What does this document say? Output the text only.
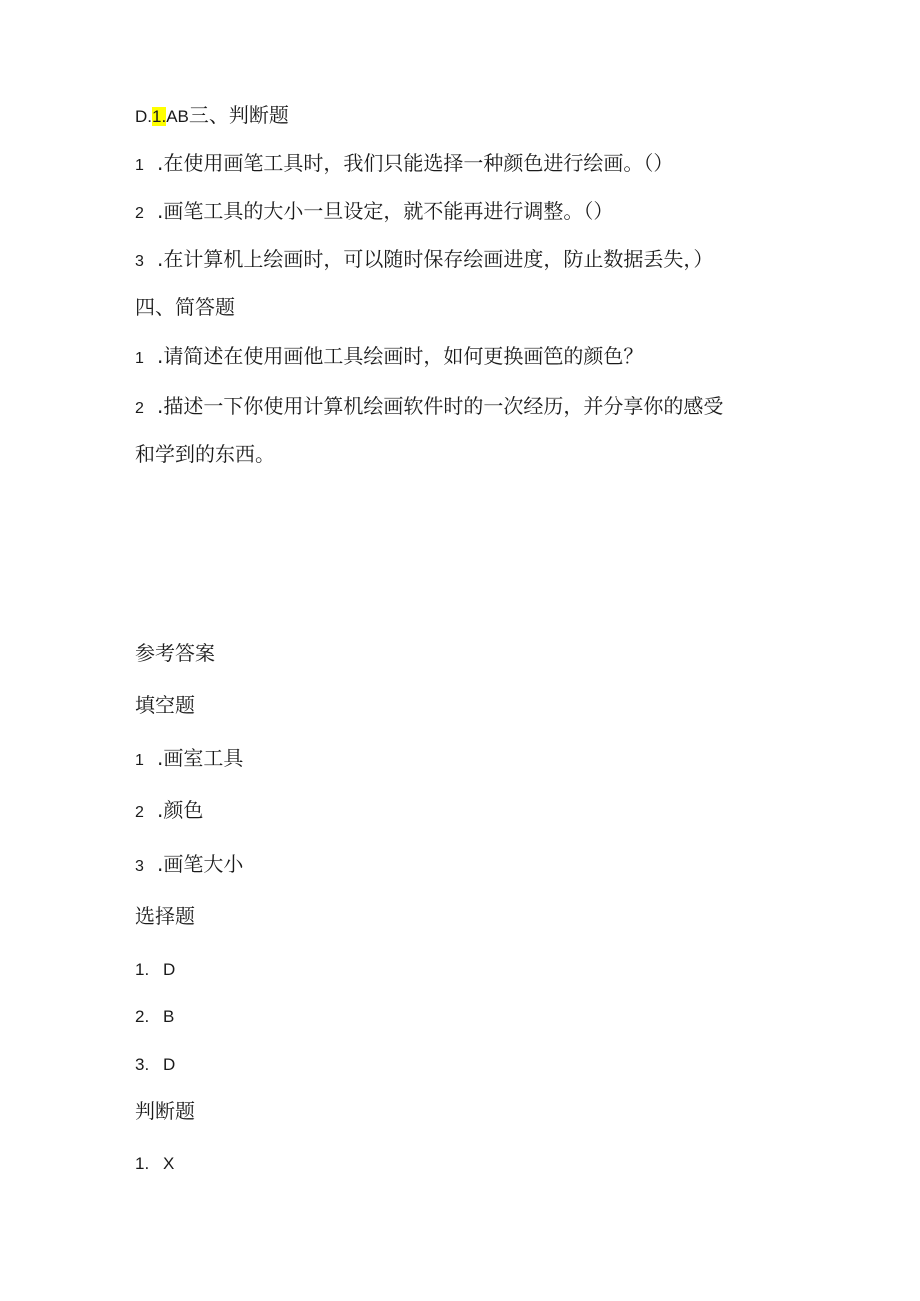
D.1.AB三、判断题
1 .在使用画笔工具时，我们只能选择一种颜色进行绘画。（）
2 .画笔工具的大小一旦设定，就不能再进行调整。（）
3 .在计算机上绘画时，可以随时保存绘画进度，防止数据丢失，）
四、简答题
1 .请简述在使用画他工具绘画时，如何更换画笆的颜色？
2 .描述一下你使用计算机绘画软件时的一次经历，并分享你的感受
和学到的东西。
参考答案
填空题
1 .画室工具
2 .颜色
3 .画笔大小
选择题
1. D
2. B
3. D
判断题
1. X
